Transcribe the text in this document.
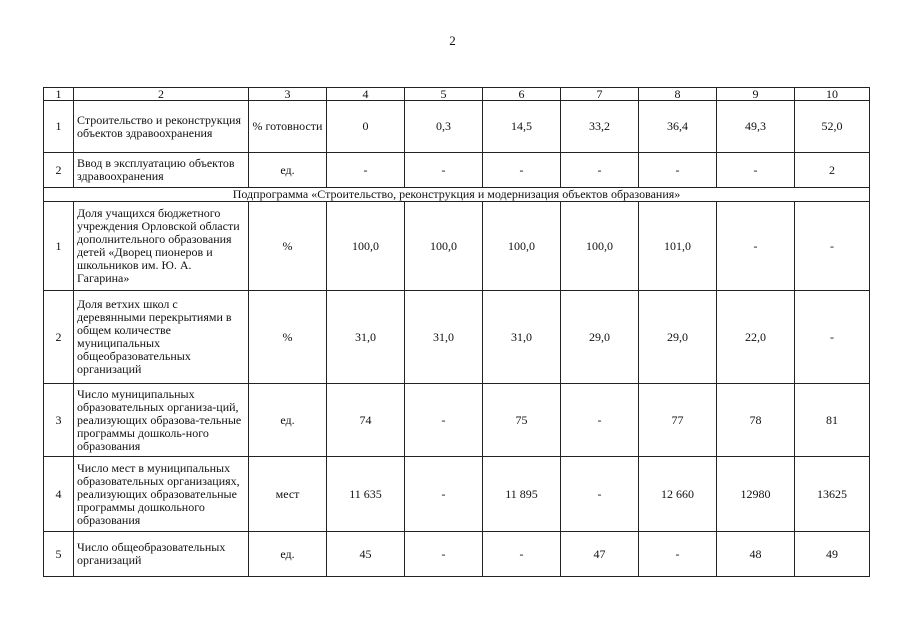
2
1	2	3	4	5	6	7	8	9	10
1	Строительство и реконструкция объектов здравоохранения	% готовности	0	0,3	14,5	33,2	36,4	49,3	52,0
2	Ввод в эксплуатацию объектов здравоохранения	ед.	-	-	-	-	-	-	2
Подпрограмма «Строительство, реконструкция и модернизация объектов образования»									
1	Доля учащихся бюджетного учреждения Орловской области дополнительного образования детей «Дворец пионеров и школьников им. Ю. А. Гагарина»	%	100,0	100,0	100,0	100,0	101,0	-	-
2	Доля ветхих школ с деревянными перекрытиями в общем количестве муниципальных общеобразовательных организаций	%	31,0	31,0	31,0	29,0	29,0	22,0	-
3	Число муниципальных образовательных организа-ций, реализующих образова-тельные программы дошколь-ного образования	ед.	74	-	75	-	77	78	81
4	Число мест в муниципальных образовательных организациях, реализующих образовательные программы дошкольного образования	мест	11 635	-	11 895	-	12 660	12980	13625
5	Число общеобразовательных организаций	ед.	45	-	-	47	-	48	49
